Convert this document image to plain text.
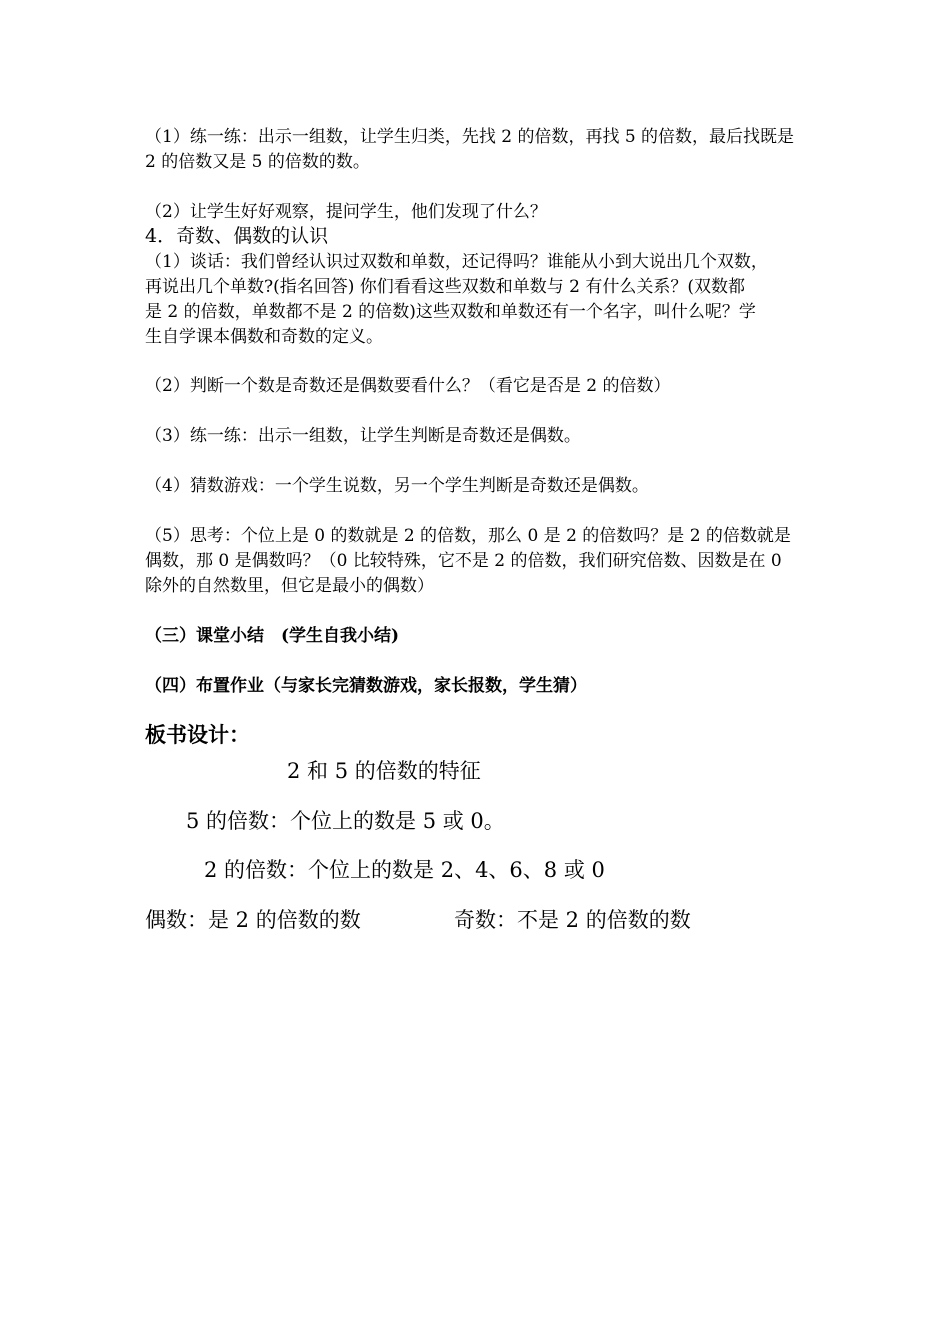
（1）练一练：出示一组数，让学生归类，先找 2 的倍数，再找 5 的倍数，最后找既是
2 的倍数又是 5 的倍数的数。
（2）让学生好好观察，提问学生，他们发现了什么？
4．奇数、偶数的认识
（1）谈话：我们曾经认识过双数和单数，还记得吗？谁能从小到大说出几个双数，
再说出几个单数?(指名回答) 你们看看这些双数和单数与 2 有什么关系？(双数都
是 2 的倍数，单数都不是 2 的倍数)这些双数和单数还有一个名字，叫什么呢？学
生自学课本偶数和奇数的定义。
（2）判断一个数是奇数还是偶数要看什么？（看它是否是 2 的倍数）
（3）练一练：出示一组数，让学生判断是奇数还是偶数。
（4）猜数游戏：一个学生说数，另一个学生判断是奇数还是偶数。
（5）思考：个位上是 0 的数就是 2 的倍数，那么 0 是 2 的倍数吗？是 2 的倍数就是
偶数，那 0 是偶数吗？（0 比较特殊，它不是 2 的倍数，我们研究倍数、因数是在 0
除外的自然数里，但它是最小的偶数）
（三）课堂小结　(学生自我小结)
（四）布置作业（与家长完猜数游戏，家长报数，学生猜）
板书设计：
2 和 5 的倍数的特征
5 的倍数：个位上的数是 5 或 0。
2 的倍数：个位上的数是 2、4、6、8 或 0
偶数：是 2 的倍数的数	奇数：不是 2 的倍数的数
